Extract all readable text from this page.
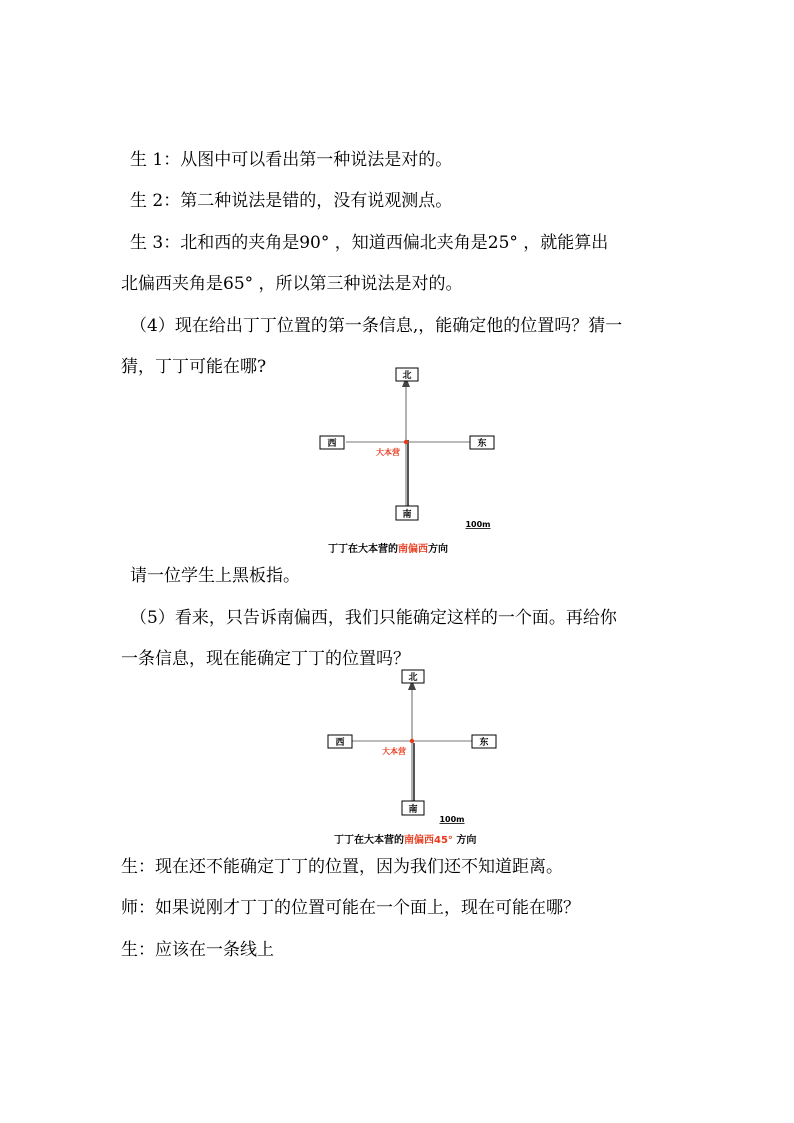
生 1：从图中可以看出第一种说法是对的。
生 2：第二种说法是错的，没有说观测点。
生 3：北和西的夹角是90° ，知道西偏北夹角是25° ，就能算出
北偏西夹角是65° ，所以第三种说法是对的。
（4）现在给出丁丁位置的第一条信息,，能确定他的位置吗？猜一
猜，丁丁可能在哪?	北
西	东
南
大本营
100m
丁丁在大本营的南偏西方向
请一位学生上黑板指。
（5）看来，只告诉南偏西，我们只能确定这样的一个面。再给你
一条信息，现在能确定丁丁的位置吗？
北
西	东
南
大本营
100m
丁丁在大本营的南偏西45° 方向
生：现在还不能确定丁丁的位置，因为我们还不知道距离。
师：如果说刚才丁丁的位置可能在一个面上，现在可能在哪？
生：应该在一条线上
